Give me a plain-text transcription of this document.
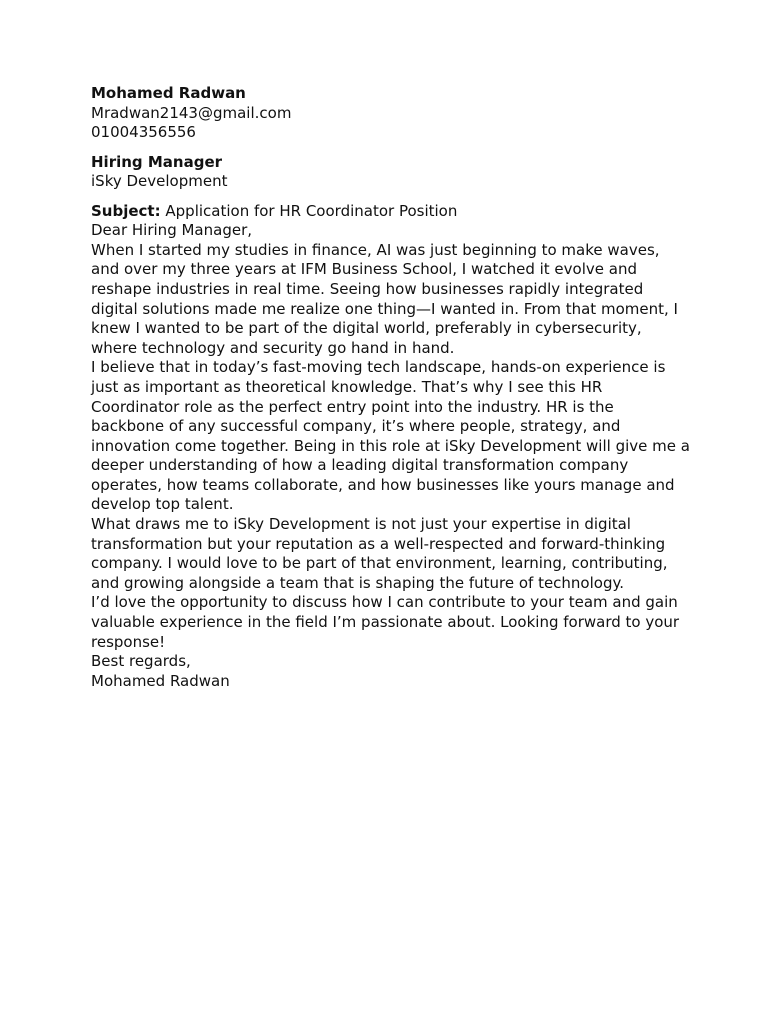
Mohamed Radwan

Mradwan2143@gmail.com

01004356556

Hiring Manager

iSky Development

Subject: Application for HR Coordinator Position

Dear Hiring Manager,

When I started my studies in finance, AI was just beginning to make waves, and over my three years at IFM Business School, I watched it evolve and reshape industries in real time. Seeing how businesses rapidly integrated digital solutions made me realize one thing—I wanted in. From that moment, I knew I wanted to be part of the digital world, preferably in cybersecurity, where technology and security go hand in hand.

I believe that in today’s fast-moving tech landscape, hands-on experience is just as important as theoretical knowledge. That’s why I see this HR Coordinator role as the perfect entry point into the industry. HR is the backbone of any successful company, it’s where people, strategy, and innovation come together. Being in this role at iSky Development will give me a deeper understanding of how a leading digital transformation company operates, how teams collaborate, and how businesses like yours manage and develop top talent.

What draws me to iSky Development is not just your expertise in digital transformation but your reputation as a well-respected and forward-thinking company. I would love to be part of that environment, learning, contributing, and growing alongside a team that is shaping the future of technology.

I’d love the opportunity to discuss how I can contribute to your team and gain valuable experience in the field I’m passionate about. Looking forward to your response!

Best regards,

Mohamed Radwan
